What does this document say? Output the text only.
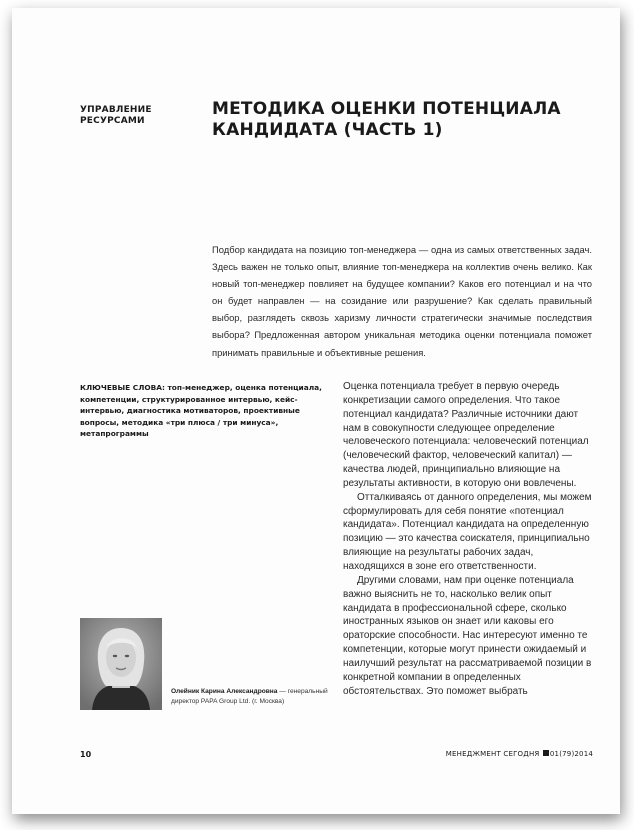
УПРАВЛЕНИЕ
РЕСУРСАМИ
МЕТОДИКА ОЦЕНКИ ПОТЕНЦИАЛА
КАНДИДАТА (ЧАСТЬ 1)
Подбор кандидата на позицию топ-менеджера — одна из самых ответственных задач. Здесь важен не только опыт, влияние топ-менеджера на коллектив очень велико. Как новый топ-менеджер повлияет на будущее компании? Каков его потенциал и на что он будет направлен — на созидание или разрушение? Как сделать правильный выбор, разглядеть сквозь харизму личности стратегически значимые последствия выбора? Предложенная автором уникальная методика оценки потенциала поможет принимать правильные и объективные решения.
КЛЮЧЕВЫЕ СЛОВА: топ-менеджер, оценка потенциала, компетенции, структурированное интервью, кейс-интервью, диагностика мотиваторов, проективные вопросы, методика «три плюса / три минуса», метапрограммы

Оценка потенциала требует в первую очередь конкретизации самого определения. Что такое потенциал кандидата? Различные источники дают нам в совокупности следующее определение человеческого потенциала: человеческий потенциал (человеческий фактор, человеческий капитал) — качества людей, принципиально влияющие на результаты активности, в которую они вовлечены.

Отталкиваясь от данного определения, мы можем сформулировать для себя понятие «потенциал кандидата». Потенциал кандидата на определенную позицию — это качества соискателя, принципиально влияющие на результаты рабочих задач, находящихся в зоне его ответственности.

Другими словами, нам при оценке потенциала важно выяснить не то, насколько велик опыт кандидата в профессиональной сфере, сколько иностранных языков он знает или каковы его ораторские способности. Нас интересуют именно те компетенции, которые могут принести ожидаемый и наилучший результат на рассматриваемой позиции в конкретной компании в определенных обстоятельствах. Это поможет выбрать

Олейник Карина Александровна — генеральный директор PAPA Group Ltd. (г. Москва)
10	МЕНЕДЖМЕНТ СЕГОДНЯ 01(79)2014
